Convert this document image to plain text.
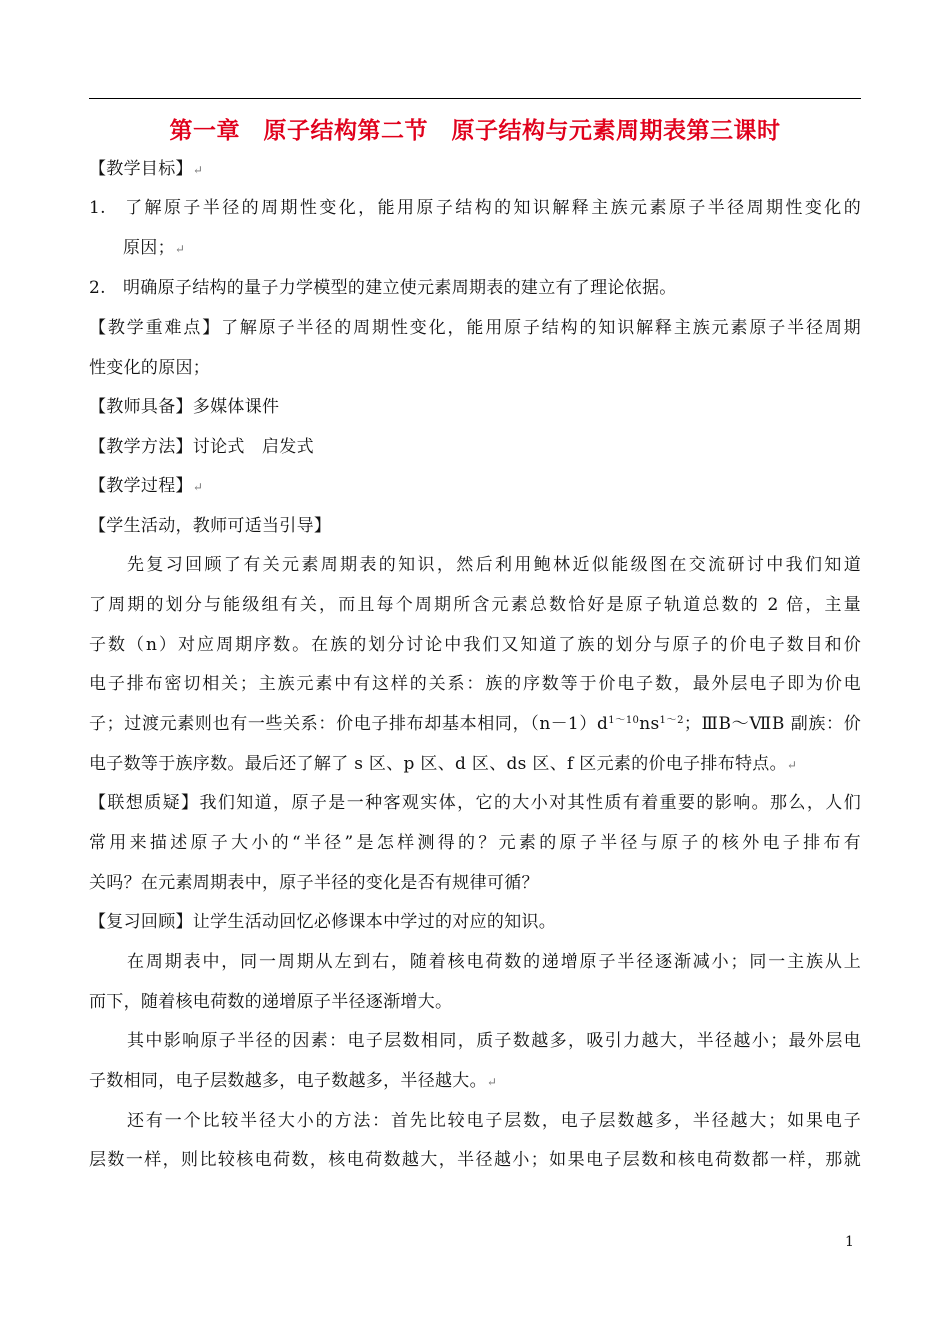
第一章　原子结构第二节　原子结构与元素周期表第三课时
【教学目标】↵
1. 了解原子半径的周期性变化，能用原子结构的知识解释主族元素原子半径周期性变化的
原因；↵
2. 明确原子结构的量子力学模型的建立使元素周期表的建立有了理论依据。
【教学重难点】了解原子半径的周期性变化，能用原子结构的知识解释主族元素原子半径周期
性变化的原因；
【教师具备】多媒体课件
【教学方法】讨论式　启发式
【教学过程】↵
【学生活动，教师可适当引导】
先复习回顾了有关元素周期表的知识，然后利用鲍林近似能级图在交流研讨中我们知道
了周期的划分与能级组有关，而且每个周期所含元素总数恰好是原子轨道总数的 2 倍，主量
子数（n）对应周期序数。在族的划分讨论中我们又知道了族的划分与原子的价电子数目和价
电子排布密切相关；主族元素中有这样的关系：族的序数等于价电子数，最外层电子即为价电
子；过渡元素则也有一些关系：价电子排布却基本相同，$(n-1)d^{1\sim 10}ns^{1\sim 2}$；ⅢB～ⅦB 副族：价
电子数等于族序数。最后还了解了 s 区、p 区、d 区、ds 区、f 区元素的价电子排布特点。↵
【联想质疑】我们知道，原子是一种客观实体，它的大小对其性质有着重要的影响。那么，人们
常用来描述原子大小的“半径”是怎样测得的？元素的原子半径与原子的核外电子排布有
关吗？在元素周期表中，原子半径的变化是否有规律可循？
【复习回顾】让学生活动回忆必修课本中学过的对应的知识。
在周期表中，同一周期从左到右，随着核电荷数的递增原子半径逐渐减小；同一主族从上
而下，随着核电荷数的递增原子半径逐渐增大。
其中影响原子半径的因素：电子层数相同，质子数越多，吸引力越大，半径越小；最外层电
子数相同，电子层数越多，电子数越多，半径越大。↵
还有一个比较半径大小的方法：首先比较电子层数，电子层数越多，半径越大；如果电子
层数一样，则比较核电荷数，核电荷数越大，半径越小；如果电子层数和核电荷数都一样，那就
1
